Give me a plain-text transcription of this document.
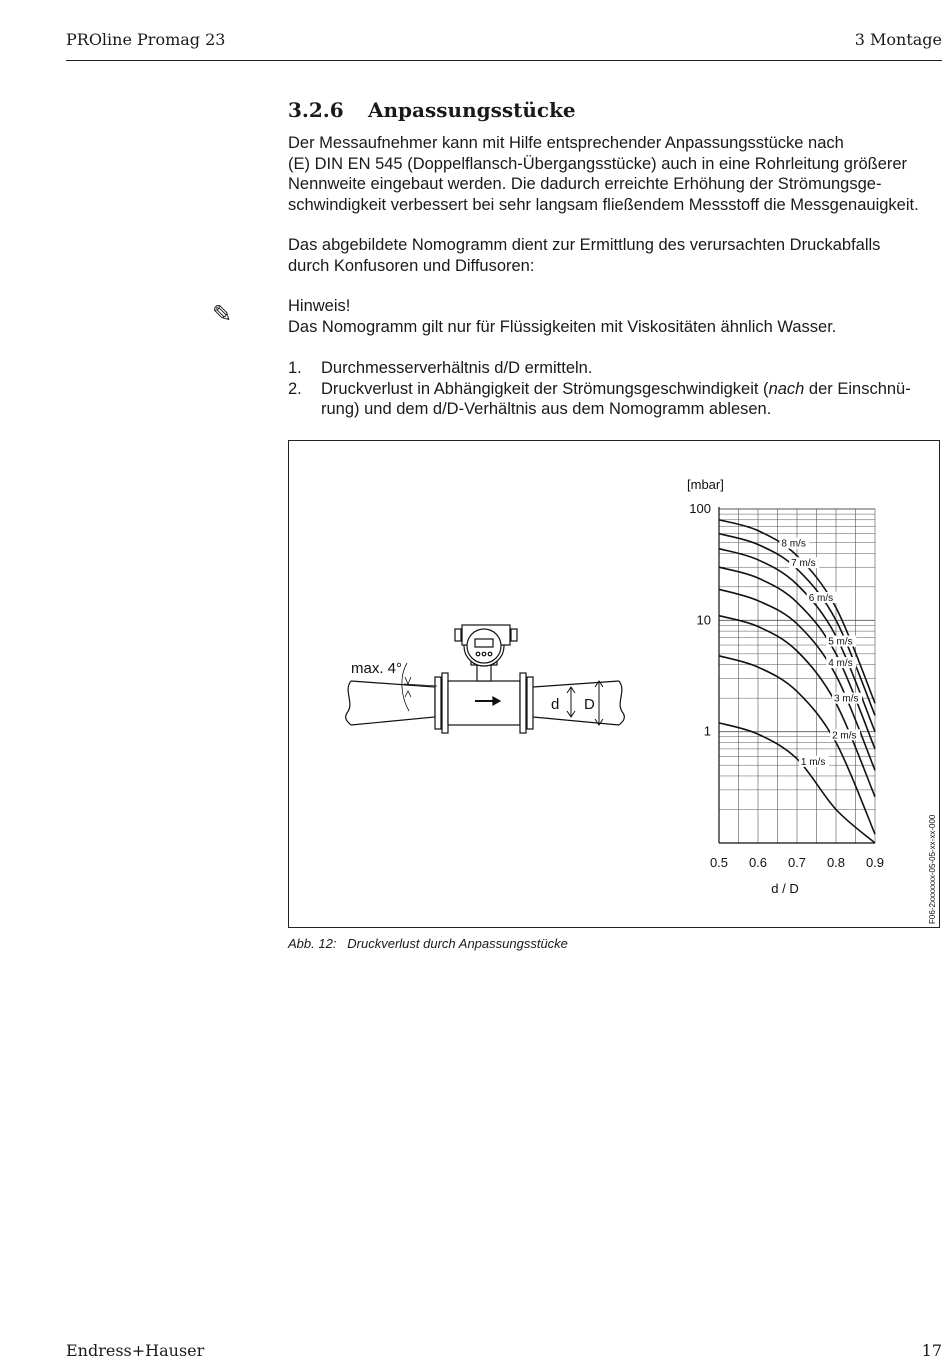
PROline Promag 23	3 Montage
3.2.6 Anpassungsstücke
Der Messaufnehmer kann mit Hilfe entsprechender Anpassungsstücke nach
(E) DIN EN 545 (Doppelflansch-Übergangsstücke) auch in eine Rohrleitung größerer
Nennweite eingebaut werden. Die dadurch erreichte Erhöhung der Strömungsge-
schwindigkeit verbessert bei sehr langsam fließendem Messstoff die Messgenauigkeit.
Das abgebildete Nomogramm dient zur Ermittlung des verursachten Druckabfalls
durch Konfusoren und Diffusoren:
✎	Hinweis!
Das Nomogramm gilt nur für Flüssigkeiten mit Viskositäten ähnlich Wasser.
1.	Durchmesserverhältnis d/D ermitteln.
2.	Druckverlust in Abhängigkeit der Strömungsgeschwindigkeit (nach der Einschnü-
rung) und dem d/D-Verhältnis aus dem Nomogramm ablesen.
max. 4°
d D
100
10
1
0.5 0.6 0.7 0.8 0.9
[mbar]
d / D
8 m/s
7 m/s
6 m/s
5 m/s
4 m/s
3 m/s
2 m/s
1 m/s
F06-2xxxxxxx-05-05-xx-xx-000
Abb. 12: Druckverlust durch Anpassungsstücke
Endress+Hauser	17
